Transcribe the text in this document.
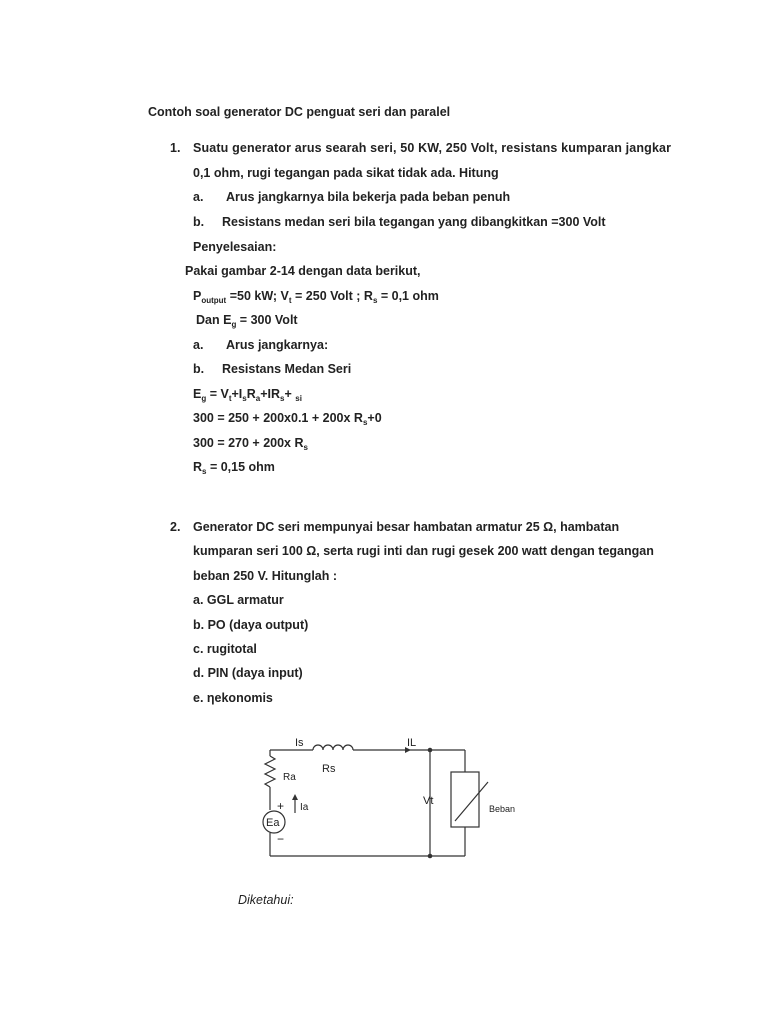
Contoh soal generator DC penguat seri dan paralel
1. Suatu generator arus searah seri, 50 KW, 250 Volt, resistans kumparan jangkar
0,1 ohm, rugi tegangan pada sikat tidak ada. Hitung
a. Arus jangkarnya bila bekerja pada beban penuh
b. Resistans medan seri bila tegangan yang dibangkitkan =300 Volt
Penyelesaian:
Pakai gambar 2-14 dengan data berikut,
$P_{output} =50$ kW; $V_t = 250$ Volt ; $R_s = 0,1$ ohm
Dan $E_g = 300$ Volt
a. Arus jangkarnya:
b. Resistans Medan Seri
$E_g = V_t+I_sR_a+IR_s+ _{si}$
300 = 250 + 200x0.1 + 200x $R_s+0$
300 = 270 + 200x $R_s$
$R_s = 0,15$ ohm
2. Generator DC seri mempunyai besar hambatan armatur 25 Ω, hambatan
kumparan seri 100 Ω, serta rugi inti dan rugi gesek 200 watt dengan tegangan
beban 250 V. Hitunglah :
a. GGL armatur
b. PO (daya output)
c. rugitotal
d. PIN (daya input)
e. ηekonomis
Is
Rs
IL
Ra
Ia
Ea
+
−
Vt
Beban
Diketahui:
